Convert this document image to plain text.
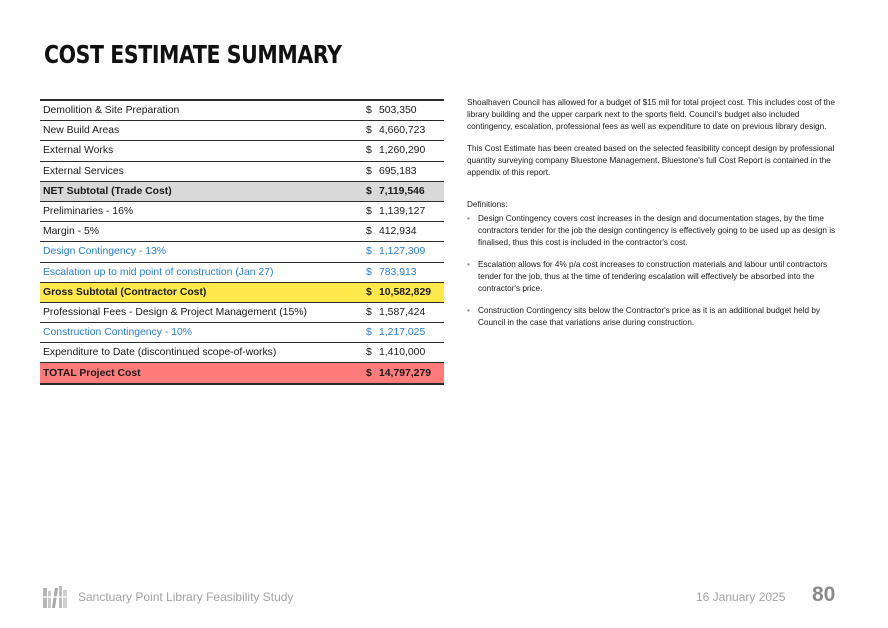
COST ESTIMATE SUMMARY
Demolition & Site Preparation	$ 503,350
New Build Areas	$ 4,660,723
External Works	$ 1,260,290
External Services	$ 695,183
NET Subtotal (Trade Cost)	$ 7,119,546
Preliminaries - 16%	$ 1,139,127
Margin - 5%	$ 412,934
Design Contingency - 13%	$ 1,127,309
Escalation up to mid point of construction (Jan 27)	$ 783,913
Gross Subtotal (Contractor Cost)	$ 10,582,829
Professional Fees - Design & Project Management (15%)	$ 1,587,424
Construction Contingency - 10%	$ 1,217,025
Expenditure to Date (discontinued scope-of-works)	$ 1,410,000
TOTAL Project Cost	$ 14,797,279

Shoalhaven Council has allowed for a budget of $15 mil for total project cost. This includes cost of the library building and the upper carpark next to the sports field. Council's budget also included contingency, escalation, professional fees as well as expenditure to date on previous library design.

This Cost Estimate has been created based on the selected feasibility concept design by professional quantity surveying company Bluestone Management. Bluestone's full Cost Report is contained in the appendix of this report.

Definitions:

• Design Contingency covers cost increases in the design and documentation stages, by the time contractors tender for the job the design contingency is effectively going to be used up as design is finalised, thus this cost is included in the contractor's cost.
• Escalation allows for 4% p/a cost increases to construction materials and labour until contractors tender for the job, thus at the time of tendering escalation will effectively be absorbed into the contractor's price.
• Construction Contingency sits below the Contractor's price as it is an additional budget held by Council in the case that variations arise during construction.
Sanctuary Point Library Feasibility Study	16 January 2025 80
